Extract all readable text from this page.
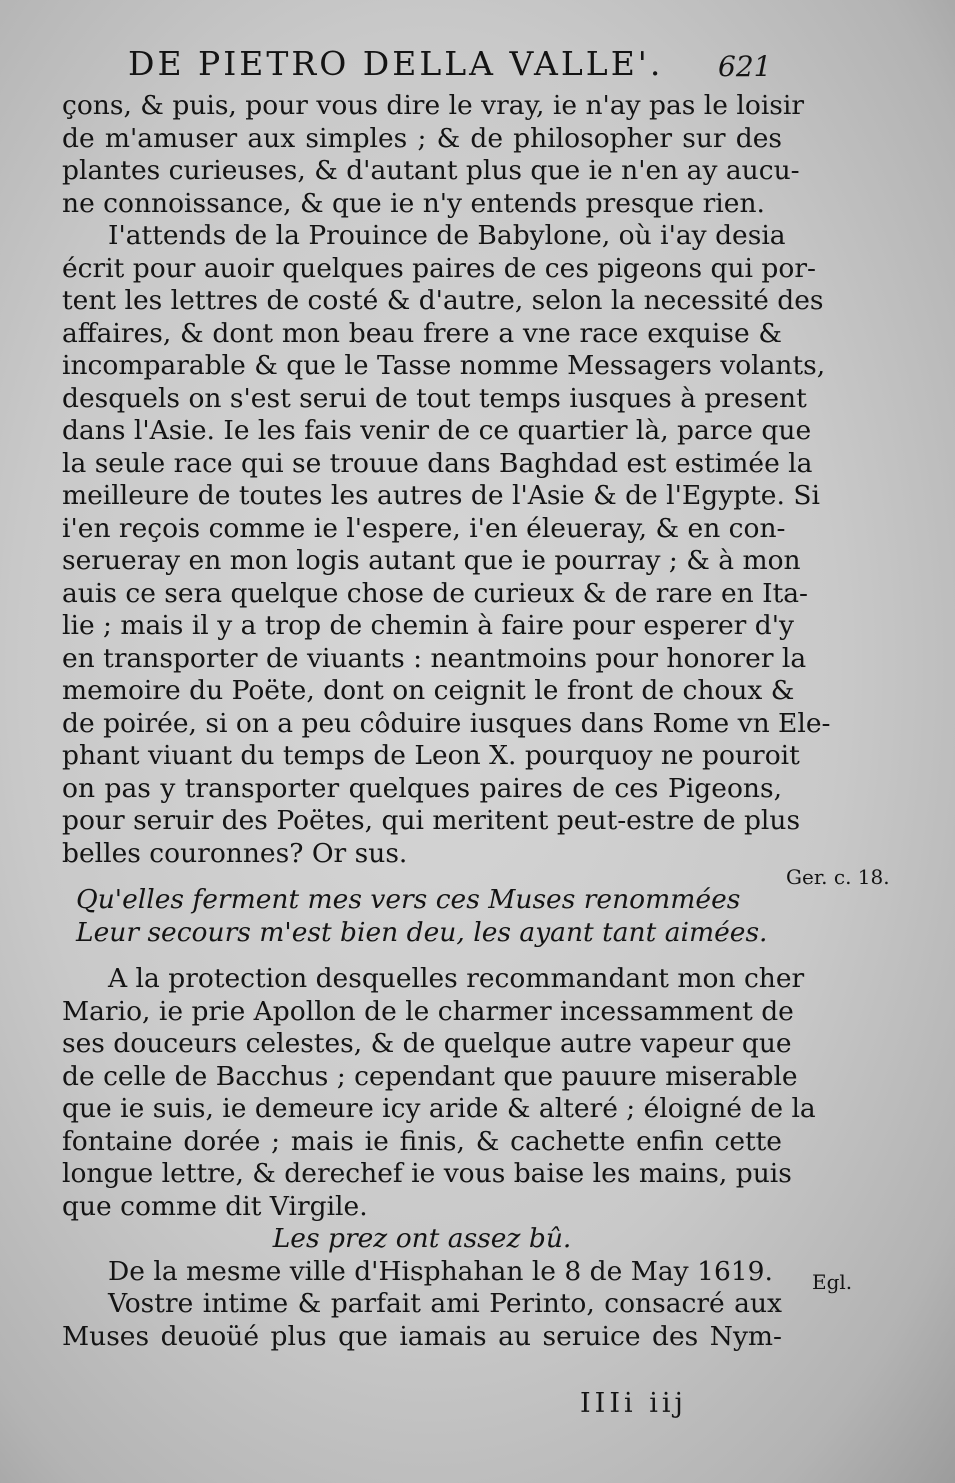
DE PIETRO DELLA VALLE'. 621
çons, & puis, pour vous dire le vray, ie n'ay pas le loisir
de m'amuser aux simples ; & de philosopher sur des
plantes curieuses, & d'autant plus que ie n'en ay aucu-
ne connoissance, & que ie n'y entends presque rien.
I'attends de la Prouince de Babylone, où i'ay desia
écrit pour auoir quelques paires de ces pigeons qui por-
tent les lettres de costé & d'autre, selon la necessité des
affaires, & dont mon beau frere a vne race exquise &
incomparable & que le Tasse nomme Messagers volants,
desquels on s'est serui de tout temps iusques à present
dans l'Asie. Ie les fais venir de ce quartier là, parce que
la seule race qui se trouue dans Baghdad est estimée la
meilleure de toutes les autres de l'Asie & de l'Egypte. Si
i'en reçois comme ie l'espere, i'en éleueray, & en con-
serueray en mon logis autant que ie pourray ; & à mon
auis ce sera quelque chose de curieux & de rare en Ita-
lie ; mais il y a trop de chemin à faire pour esperer d'y
en transporter de viuants : neantmoins pour honorer la
memoire du Poëte, dont on ceignit le front de choux &
de poirée, si on a peu côduire iusques dans Rome vn Ele-
phant viuant du temps de Leon X. pourquoy ne pouroit
on pas y transporter quelques paires de ces Pigeons,
pour seruir des Poëtes, qui meritent peut-estre de plus
belles couronnes? Or sus.
Qu'elles ferment mes vers ces Muses renommées
Leur secours m'est bien deu, les ayant tant aimées.
A la protection desquelles recommandant mon cher
Mario, ie prie Apollon de le charmer incessamment de
ses douceurs celestes, & de quelque autre vapeur que
de celle de Bacchus ; cependant que pauure miserable
que ie suis, ie demeure icy aride & alteré ; éloigné de la
fontaine dorée ; mais ie finis, & cachette enfin cette
longue lettre, & derechef ie vous baise les mains, puis
que comme dit Virgile.
Les prez ont assez bû.
De la mesme ville d'Hisphahan le 8 de May 1619.
Vostre intime & parfait ami Perinto, consacré aux
Muses deuoüé plus que iamais au seruice des Nym-
IIIi iij
Ger. c. 18.
Egl.
